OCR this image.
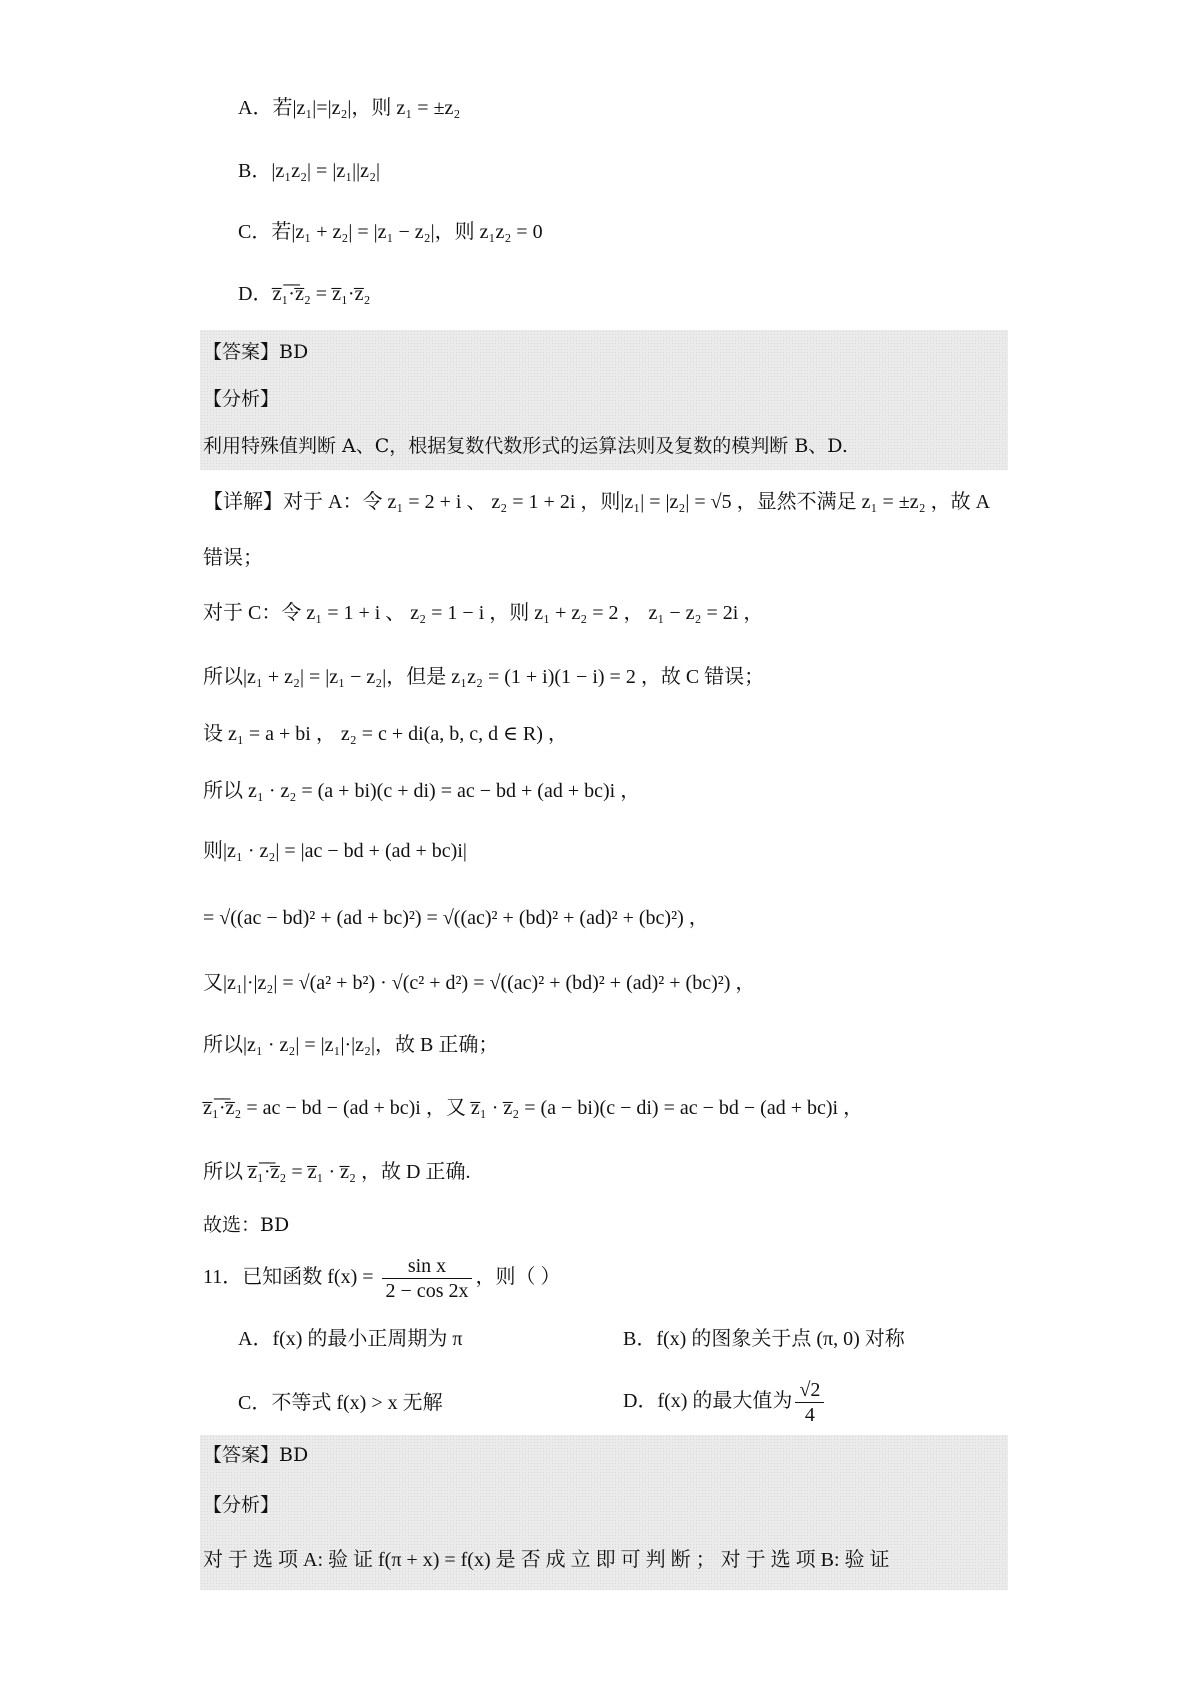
A．若|z₁|=|z₂|，则 z₁ = ±z₂
B．|z₁z₂| = |z₁||z₂|
C．若|z₁ + z₂| = |z₁ − z₂|，则 z₁z₂ = 0
D．z̅₁̅·̅z̅₂ = z̅₁·z̅₂
【答案】BD
【分析】
利用特殊值判断 A、C，根据复数代数形式的运算法则及复数的模判断 B、D.
【详解】对于 A：令 z₁ = 2 + i 、 z₂ = 1 + 2i ，则|z₁| = |z₂| = √5 ，显然不满足 z₁ = ±z₂ ，故 A
错误；
对于 C：令 z₁ = 1 + i 、 z₂ = 1 − i ，则 z₁ + z₂ = 2 ， z₁ − z₂ = 2i ，
所以|z₁ + z₂| = |z₁ − z₂|，但是 z₁z₂ = (1 + i)(1 − i) = 2 ，故 C 错误；
设 z₁ = a + bi ， z₂ = c + di(a, b, c, d ∈ R) ，
所以 z₁ · z₂ = (a + bi)(c + di) = ac − bd + (ad + bc)i ，
则|z₁ · z₂| = |ac − bd + (ad + bc)i|
= √((ac − bd)² + (ad + bc)²) = √((ac)² + (bd)² + (ad)² + (bc)²) ，
又|z₁|·|z₂| = √(a² + b²) · √(c² + d²) = √((ac)² + (bd)² + (ad)² + (bc)²) ，
所以|z₁ · z₂| = |z₁|·|z₂|，故 B 正确；
z̅₁̅·̅z̅₂ = ac − bd − (ad + bc)i ，又 z̅₁ · z̅₂ = (a − bi)(c − di) = ac − bd − (ad + bc)i ，
所以 z̅₁̅·̅z̅₂ = z̅₁ · z̅₂ ，故 D 正确.
故选：BD
11．已知函数 $f(x) = \frac{\text{sin x}}{2 - \cos 2x}$ ，则（ ）
A．f(x) 的最小正周期为 π	B．f(x) 的图象关于点 (π, 0) 对称
C．不等式 f(x) > x 无解	D．f(x) 的最大值为 $\frac{√2}{4}$
【答案】BD
【分析】
对 于 选 项 A: 验 证 f(π + x) = f(x) 是 否 成 立 即 可 判 断 ； 对 于 选 项 B: 验 证
